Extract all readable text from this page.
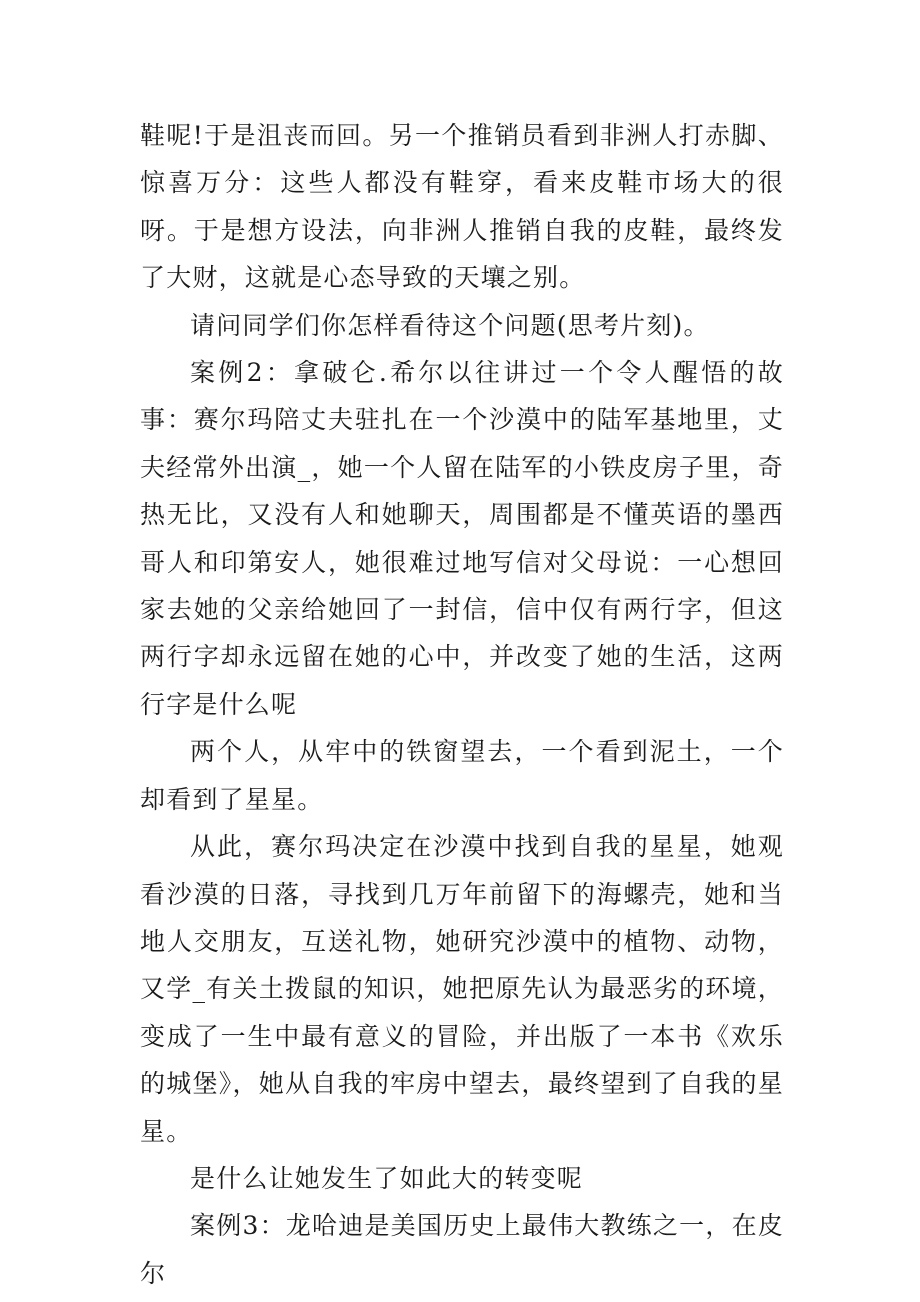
鞋呢!于是沮丧而回。另一个推销员看到非洲人打赤脚、惊喜万分：这些人都没有鞋穿，看来皮鞋市场大的很呀。于是想方设法，向非洲人推销自我的皮鞋，最终发了大财，这就是心态导致的天壤之别。

请问同学们你怎样看待这个问题(思考片刻)。

案例2：拿破仑.希尔以往讲过一个令人醒悟的故事：赛尔玛陪丈夫驻扎在一个沙漠中的陆军基地里，丈夫经常外出演_，她一个人留在陆军的小铁皮房子里，奇热无比，又没有人和她聊天，周围都是不懂英语的墨西哥人和印第安人，她很难过地写信对父母说：一心想回家去她的父亲给她回了一封信，信中仅有两行字，但这两行字却永远留在她的心中，并改变了她的生活，这两行字是什么呢

两个人，从牢中的铁窗望去，一个看到泥土，一个却看到了星星。

从此，赛尔玛决定在沙漠中找到自我的星星，她观看沙漠的日落，寻找到几万年前留下的海螺壳，她和当地人交朋友，互送礼物，她研究沙漠中的植物、动物，又学_有关土拨鼠的知识，她把原先认为最恶劣的环境，变成了一生中最有意义的冒险，并出版了一本书《欢乐的城堡》，她从自我的牢房中望去，最终望到了自我的星星。

是什么让她发生了如此大的转变呢

案例3：龙哈迪是美国历史上最伟大教练之一，在皮尔
